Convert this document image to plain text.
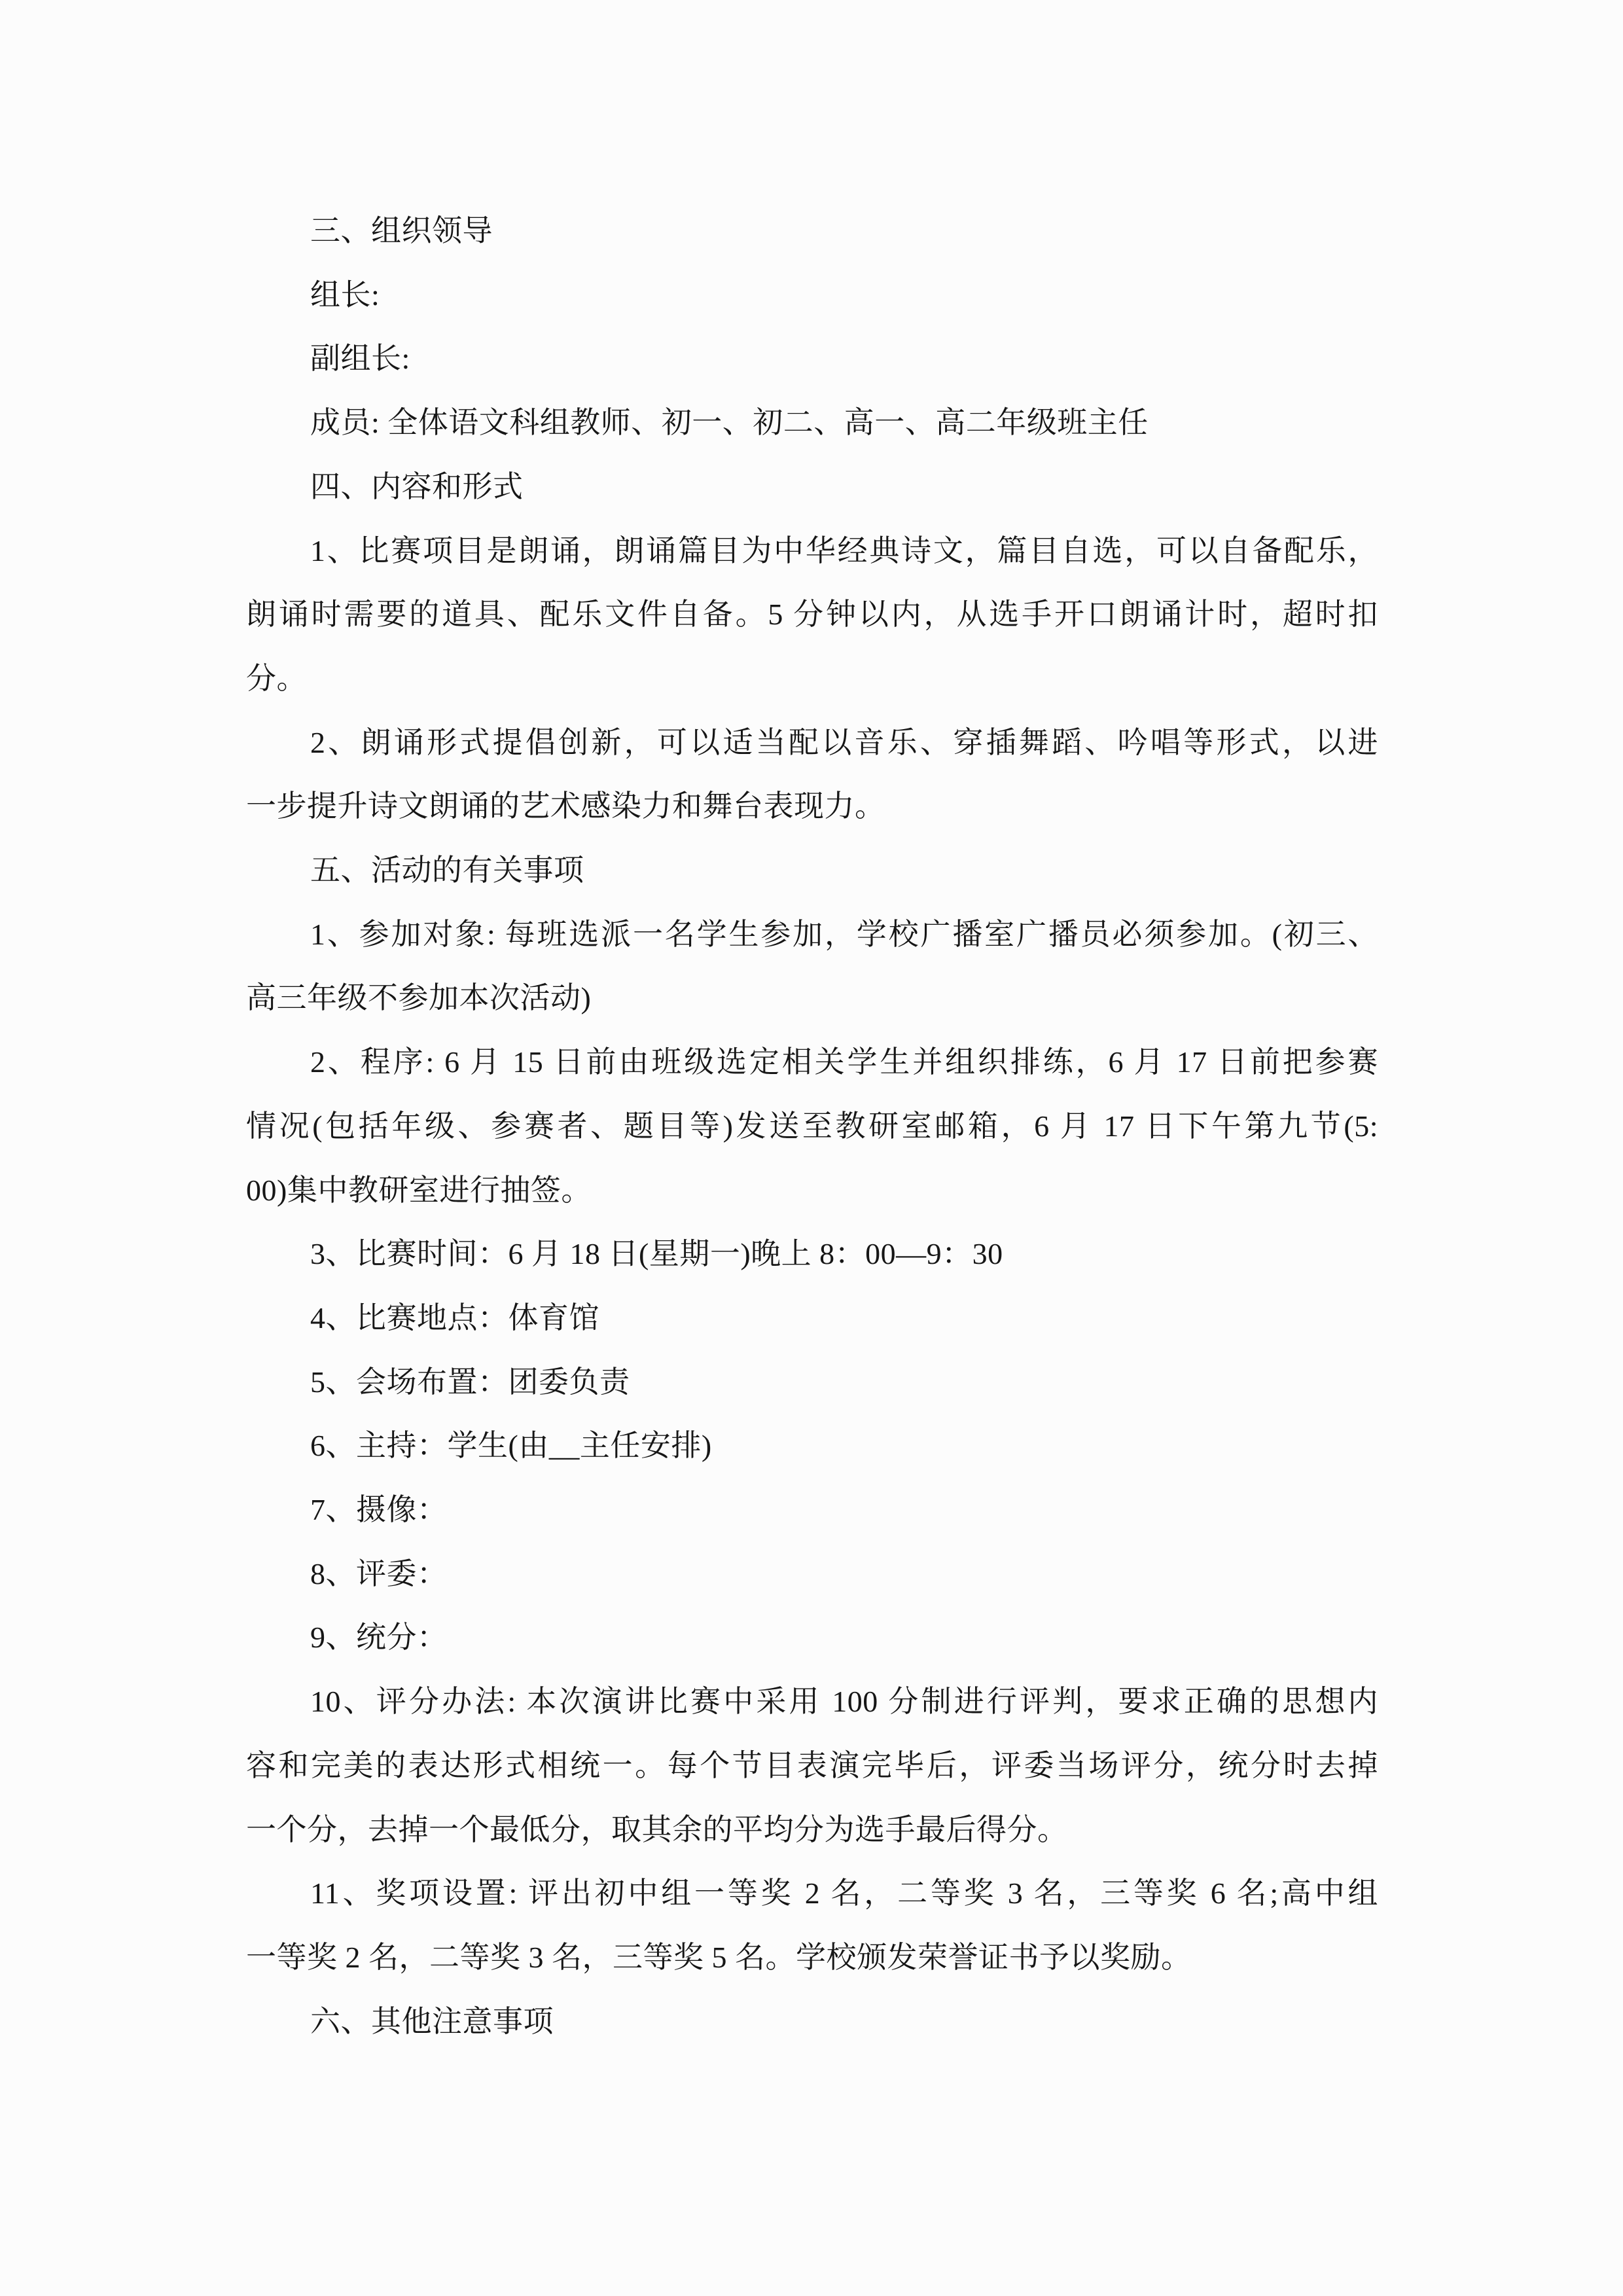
三、组织领导
组长:
副组长:
成员: 全体语文科组教师、初一、初二、高一、高二年级班主任
四、内容和形式
1、比赛项目是朗诵，朗诵篇目为中华经典诗文，篇目自选，可以自备配乐，
朗诵时需要的道具、配乐文件自备。5 分钟以内，从选手开口朗诵计时，超时扣
分。
2、朗诵形式提倡创新，可以适当配以音乐、穿插舞蹈、吟唱等形式，以进
一步提升诗文朗诵的艺术感染力和舞台表现力。
五、活动的有关事项
1、参加对象: 每班选派一名学生参加，学校广播室广播员必须参加。(初三、
高三年级不参加本次活动)
2、程序: 6 月 15 日前由班级选定相关学生并组织排练，6 月 17 日前把参赛
情况(包括年级、参赛者、题目等)发送至教研室邮箱，6 月 17 日下午第九节(5:
00)集中教研室进行抽签。
3、比赛时间：6 月 18 日(星期一)晚上 8：00—9：30
4、比赛地点：体育馆
5、会场布置：团委负责
6、主持：学生(由__主任安排)
7、摄像：
8、评委：
9、统分：
10、评分办法: 本次演讲比赛中采用 100 分制进行评判，要求正确的思想内
容和完美的表达形式相统一。每个节目表演完毕后，评委当场评分，统分时去掉
一个分，去掉一个最低分，取其余的平均分为选手最后得分。
11、奖项设置: 评出初中组一等奖 2 名，二等奖 3 名，三等奖 6 名;高中组
一等奖 2 名，二等奖 3 名，三等奖 5 名。学校颁发荣誉证书予以奖励。
六、其他注意事项
